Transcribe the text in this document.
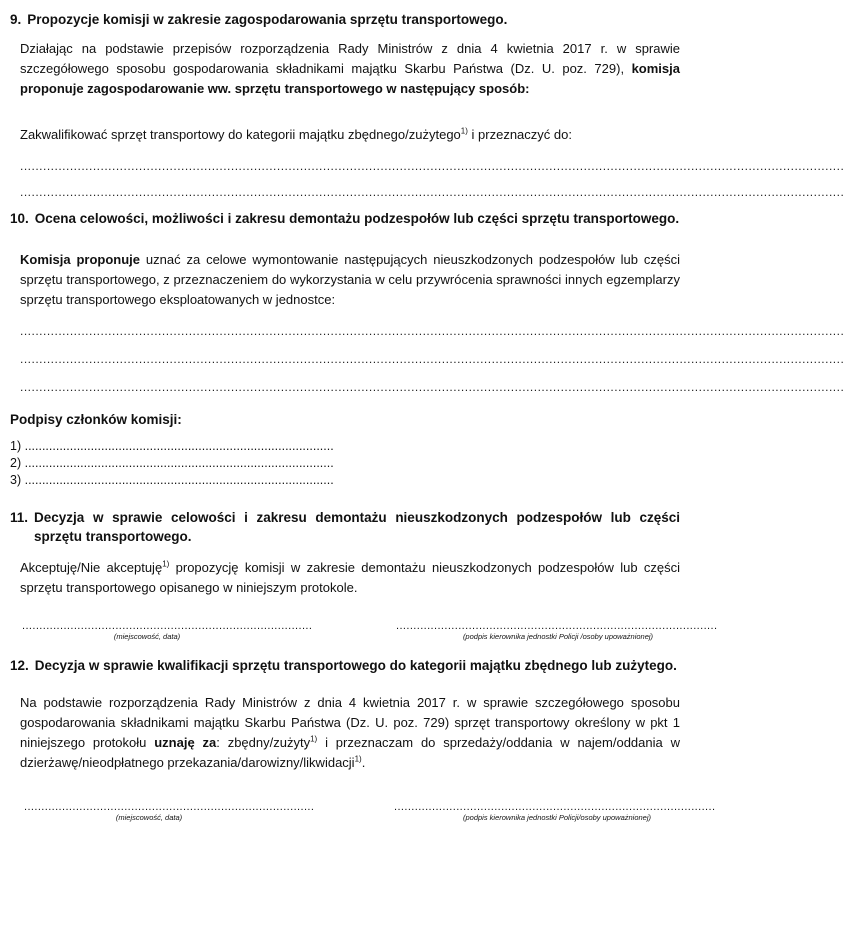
9. Propozycje komisji w zakresie zagospodarowania sprzętu transportowego.
Działając na podstawie przepisów rozporządzenia Rady Ministrów z dnia 4 kwietnia 2017 r. w sprawie szczegółowego sposobu gospodarowania składnikami majątku Skarbu Państwa (Dz. U. poz. 729), komisja proponuje zagospodarowanie ww. sprzętu transportowego w następujący sposób:
Zakwalifikować sprzęt transportowy do kategorii majątku zbędnego/zużytego$^{1)}$ i przeznaczyć do:
.......................................................................................................................................................................................................................
.......................................................................................................................................................................................................................
10. Ocena celowości, możliwości i zakresu demontażu podzespołów lub części sprzętu transportowego.
Komisja proponuje uznać za celowe wymontowanie następujących nieuszkodzonych podzespołów lub części sprzętu transportowego, z przeznaczeniem do wykorzystania w celu przywrócenia sprawności innych egzemplarzy sprzętu transportowego eksploatowanych w jednostce:
.......................................................................................................................................................................................................................
.......................................................................................................................................................................................................................
.......................................................................................................................................................................................................................
Podpisy członków komisji:
1) .........................................................................................
2) .........................................................................................
3) .........................................................................................
11. Decyzja w sprawie celowości i zakresu demontażu nieuszkodzonych podzespołów lub części sprzętu transportowego.
Akceptuję/Nie akceptuję$^{1)}$ propozycję komisji w zakresie demontażu nieuszkodzonych podzespołów lub części sprzętu transportowego opisanego w niniejszym protokole.
....................................................................................
(miejscowość, data)
.............................................................................................
(podpis kierownika jednostki Policji /osoby upoważnionej)
12. Decyzja w sprawie kwalifikacji sprzętu transportowego do kategorii majątku zbędnego lub zużytego.
Na podstawie rozporządzenia Rady Ministrów z dnia 4 kwietnia 2017 r. w sprawie szczegółowego sposobu gospodarowania składnikami majątku Skarbu Państwa (Dz. U. poz. 729) sprzęt transportowy określony w pkt 1 niniejszego protokołu uznaję za: zbędny/zużyty$^{1)}$ i przeznaczam do sprzedaży/oddania w najem/oddania w dzierżawę/nieodpłatnego przekazania/darowizny/likwidacji$^{1)}$.
....................................................................................
(miejscowość, data)
.............................................................................................
(podpis kierownika jednostki Policji/osoby upoważnionej)
